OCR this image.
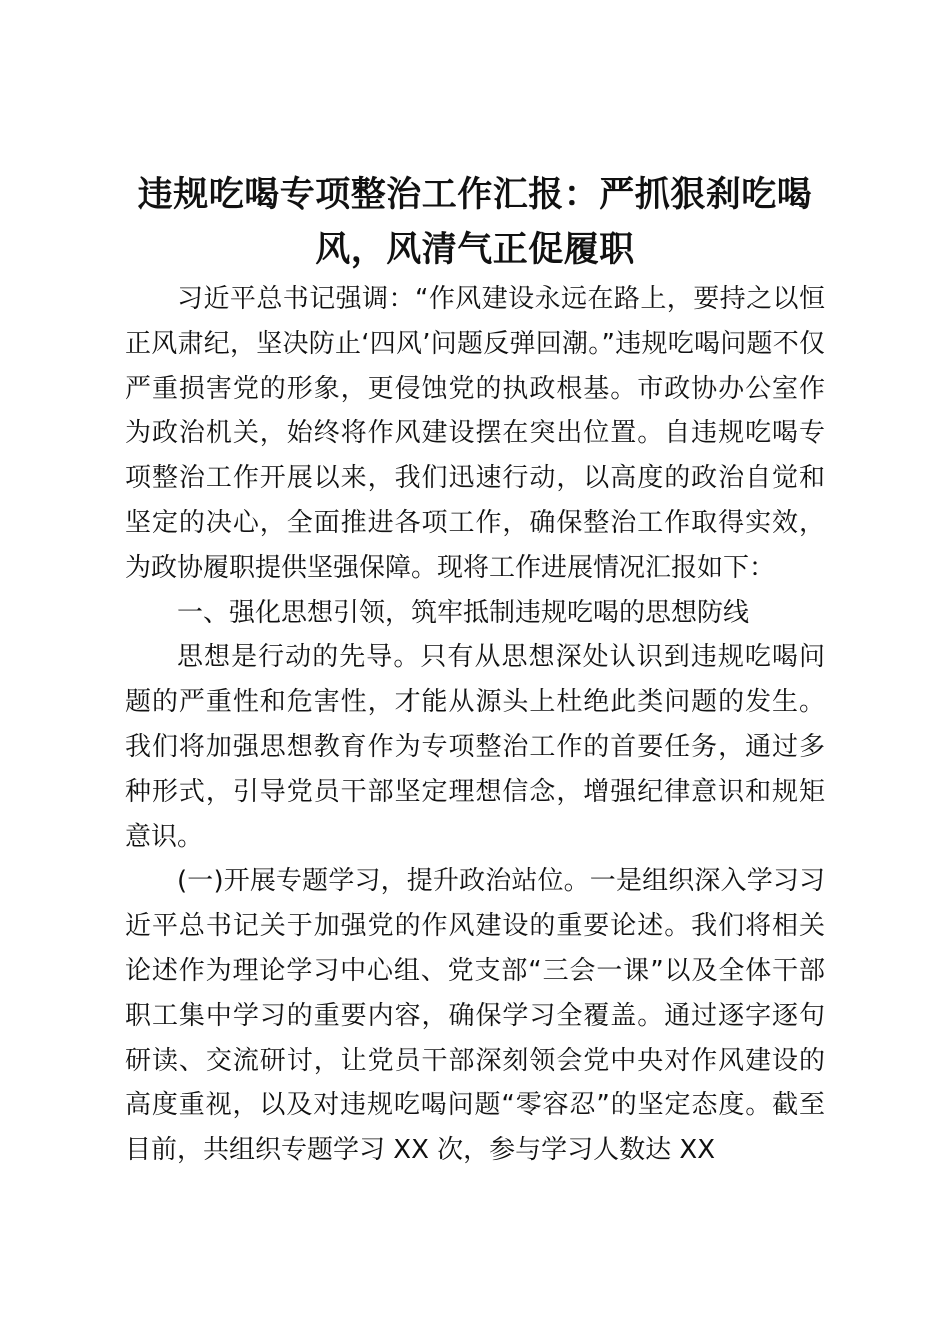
违规吃喝专项整治工作汇报：严抓狠刹吃喝风，风清气正促履职

习近平总书记强调：“作风建设永远在路上，要持之以恒正风肃纪，坚决防止‘四风’问题反弹回潮。”违规吃喝问题不仅严重损害党的形象，更侵蚀党的执政根基。市政协办公室作为政治机关，始终将作风建设摆在突出位置。自违规吃喝专项整治工作开展以来，我们迅速行动，以高度的政治自觉和坚定的决心，全面推进各项工作，确保整治工作取得实效，为政协履职提供坚强保障。现将工作进展情况汇报如下：

一、强化思想引领，筑牢抵制违规吃喝的思想防线

思想是行动的先导。只有从思想深处认识到违规吃喝问题的严重性和危害性，才能从源头上杜绝此类问题的发生。我们将加强思想教育作为专项整治工作的首要任务，通过多种形式，引导党员干部坚定理想信念，增强纪律意识和规矩意识。

(一)开展专题学习，提升政治站位。一是组织深入学习习近平总书记关于加强党的作风建设的重要论述。我们将相关论述作为理论学习中心组、党支部“三会一课”以及全体干部职工集中学习的重要内容，确保学习全覆盖。通过逐字逐句研读、交流研讨，让党员干部深刻领会党中央对作风建设的高度重视，以及对违规吃喝问题“零容忍”的坚定态度。截至目前，共组织专题学习 XX 次，参与学习人数达 XX
